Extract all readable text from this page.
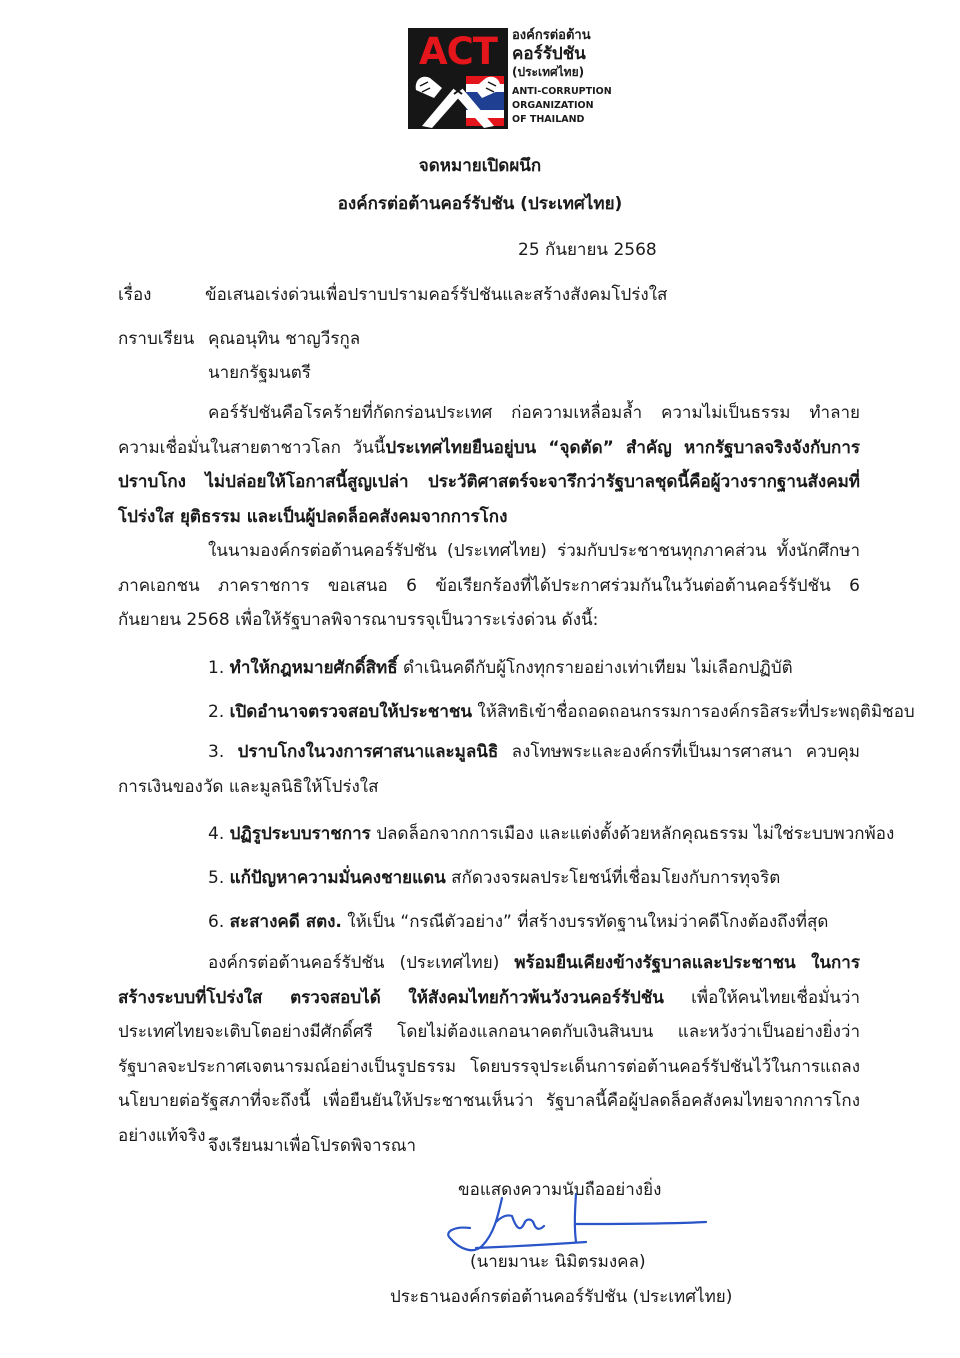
ACT	องค์กรต่อต้าน
คอร์รัปชัน
(ประเทศไทย)
ANTI-CORRUPTION
ORGANIZATION
OF THAILAND
จดหมายเปิดผนึก
องค์กรต่อต้านคอร์รัปชัน (ประเทศไทย)
25 กันยายน 2568
เรื่อง	ข้อเสนอเร่งด่วนเพื่อปราบปรามคอร์รัปชันและสร้างสังคมโปร่งใส
กราบเรียน คุณอนุทิน ชาญวีรกูล
นายกรัฐมนตรี

คอร์รัปชันคือโรคร้ายที่กัดกร่อนประเทศ ก่อความเหลื่อมล้ำ ความไม่เป็นธรรม ทำลายความเชื่อมั่นในสายตาชาวโลก วันนี้ประเทศไทยยืนอยู่บน “จุดตัด” สำคัญ หากรัฐบาลจริงจังกับการปราบโกง ไม่ปล่อยให้โอกาสนี้สูญเปล่า ประวัติศาสตร์จะจารึกว่ารัฐบาลชุดนี้คือผู้วางรากฐานสังคมที่โปร่งใส ยุติธรรม และเป็นผู้ปลดล็อคสังคมจากการโกง

ในนามองค์กรต่อต้านคอร์รัปชัน (ประเทศไทย) ร่วมกับประชาชนทุกภาคส่วน ทั้งนักศึกษา ภาคเอกชน ภาคราชการ ขอเสนอ 6 ข้อเรียกร้องที่ได้ประกาศร่วมกันในวันต่อต้านคอร์รัปชัน 6 กันยายน 2568 เพื่อให้รัฐบาลพิจารณาบรรจุเป็นวาระเร่งด่วน ดังนี้:

1. ทำให้กฎหมายศักดิ์สิทธิ์ ดำเนินคดีกับผู้โกงทุกรายอย่างเท่าเทียม ไม่เลือกปฏิบัติ
2. เปิดอำนาจตรวจสอบให้ประชาชน ให้สิทธิเข้าชื่อถอดถอนกรรมการองค์กรอิสระที่ประพฤติมิชอบ

3. ปราบโกงในวงการศาสนาและมูลนิธิ ลงโทษพระและองค์กรที่เป็นมารศาสนา ควบคุมการเงินของวัด และมูลนิธิให้โปร่งใส

4. ปฏิรูประบบราชการ ปลดล็อกจากการเมือง และแต่งตั้งด้วยหลักคุณธรรม ไม่ใช่ระบบพวกพ้อง
5. แก้ปัญหาความมั่นคงชายแดน สกัดวงจรผลประโยชน์ที่เชื่อมโยงกับการทุจริต
6. สะสางคดี สตง. ให้เป็น “กรณีตัวอย่าง” ที่สร้างบรรทัดฐานใหม่ว่าคดีโกงต้องถึงที่สุด

องค์กรต่อต้านคอร์รัปชัน (ประเทศไทย) พร้อมยืนเคียงข้างรัฐบาลและประชาชน ในการสร้างระบบที่โปร่งใส ตรวจสอบได้ ให้สังคมไทยก้าวพ้นวังวนคอร์รัปชัน เพื่อให้คนไทยเชื่อมั่นว่า ประเทศไทยจะเติบโตอย่างมีศักดิ์ศรี โดยไม่ต้องแลกอนาคตกับเงินสินบน และหวังว่าเป็นอย่างยิ่งว่ารัฐบาลจะประกาศเจตนารมณ์อย่างเป็นรูปธรรม โดยบรรจุประเด็นการต่อต้านคอร์รัปชันไว้ในการแถลงนโยบายต่อรัฐสภาที่จะถึงนี้ เพื่อยืนยันให้ประชาชนเห็นว่า รัฐบาลนี้คือผู้ปลดล็อคสังคมไทยจากการโกงอย่างแท้จริง

จึงเรียนมาเพื่อโปรดพิจารณา
ขอแสดงความนับถืออย่างยิ่ง
(นายมานะ นิมิตรมงคล)
ประธานองค์กรต่อต้านคอร์รัปชัน (ประเทศไทย)
